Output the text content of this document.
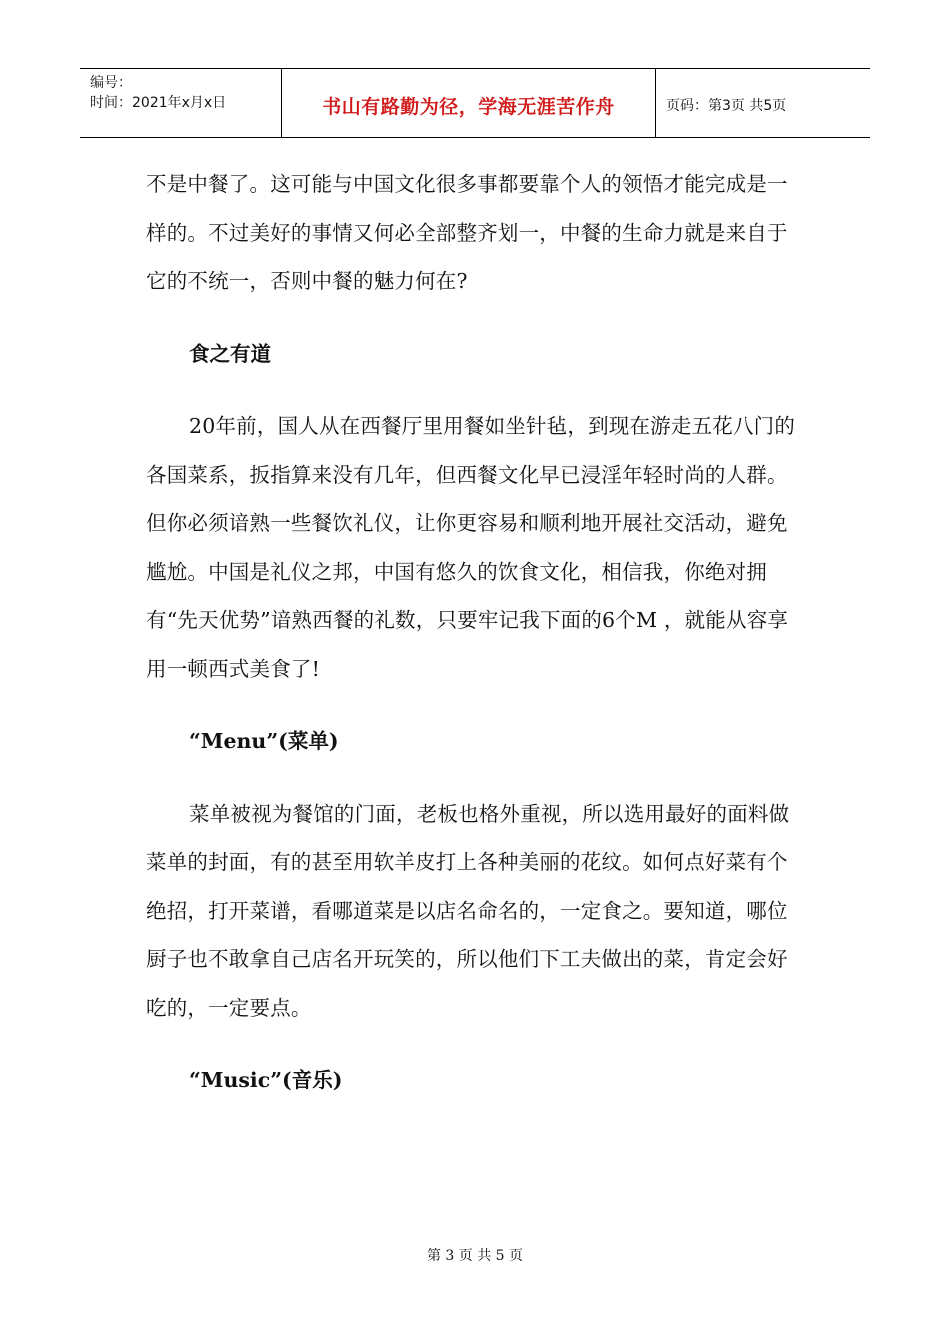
编号：
时间：2021年x月x日	书山有路勤为径，学海无涯苦作舟	页码：第3页 共5页

不是中餐了。这可能与中国文化很多事都要靠个人的领悟才能完成是一样的。不过美好的事情又何必全部整齐划一，中餐的生命力就是来自于它的不统一，否则中餐的魅力何在?

食之有道

20年前，国人从在西餐厅里用餐如坐针毡，到现在游走五花八门的各国菜系，扳指算来没有几年，但西餐文化早已浸淫年轻时尚的人群。但你必须谙熟一些餐饮礼仪，让你更容易和顺利地开展社交活动，避免尴尬。中国是礼仪之邦，中国有悠久的饮食文化，相信我，你绝对拥有“先天优势”谙熟西餐的礼数，只要牢记我下面的6个M ，就能从容享用一顿西式美食了!

“Menu”(菜单)

菜单被视为餐馆的门面，老板也格外重视，所以选用最好的面料做菜单的封面，有的甚至用软羊皮打上各种美丽的花纹。如何点好菜有个绝招，打开菜谱，看哪道菜是以店名命名的，一定食之。要知道，哪位厨子也不敢拿自己店名开玩笑的，所以他们下工夫做出的菜，肯定会好吃的，一定要点。

“Music”(音乐)

第 3 页 共 5 页
